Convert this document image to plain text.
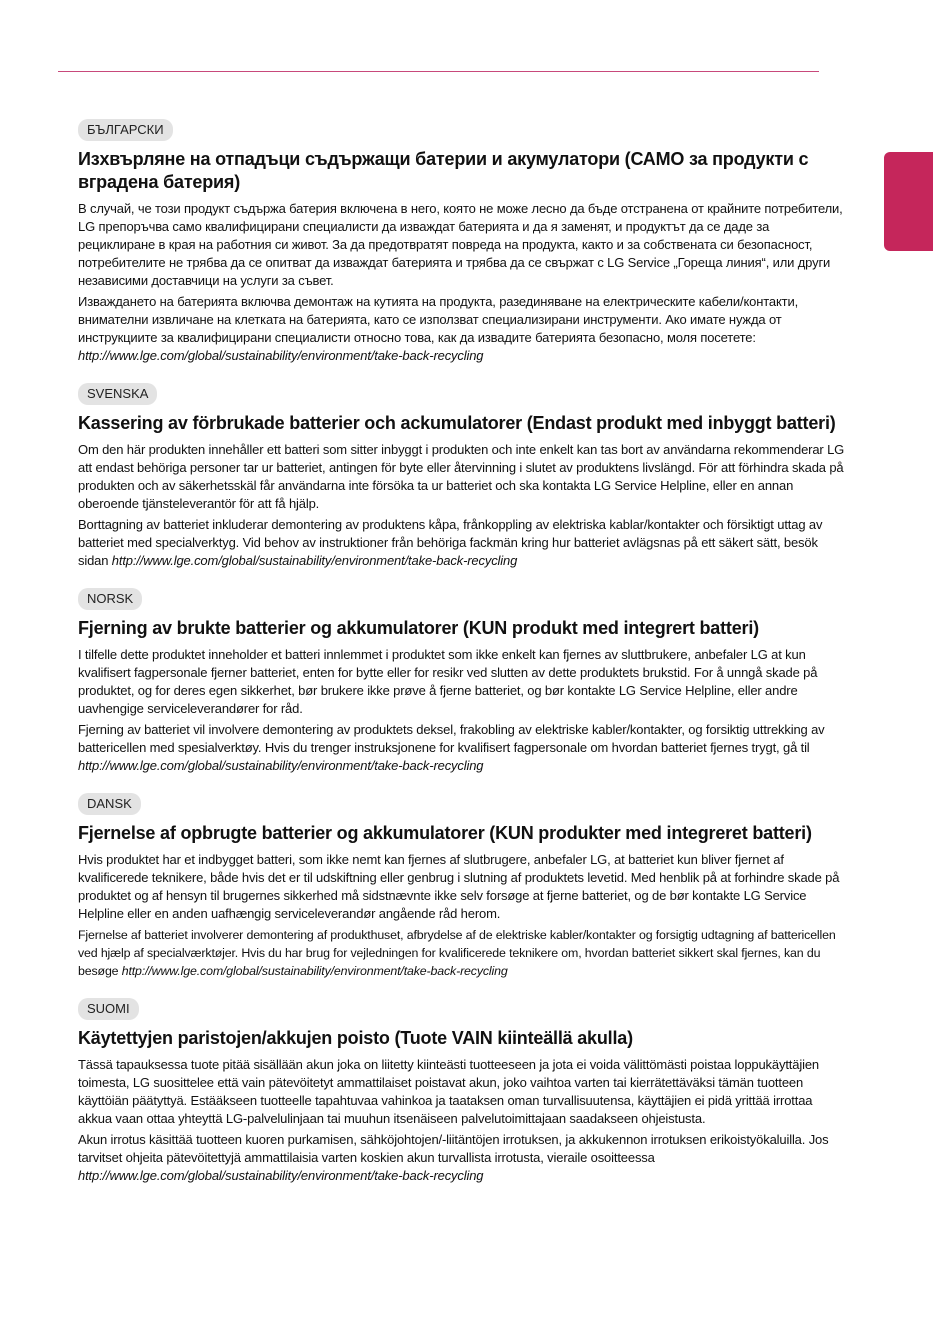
БЪЛГАРСКИ
Изхвърляне на отпадъци съдържащи батерии и акумулатори (САМО за продукти с вградена батерия)

В случай, че този продукт съдържа батерия включена в него, която не може лесно да бъде отстранена от крайните потребители, LG препоръчва само квалифицирани специалисти да изваждат батерията и да я заменят, и продуктът да се даде за рециклиране в края на работния си живот. За да предотвратят повреда на продукта, както и за собствената си безопасност, потребителите не трябва да се опитват да изваждат батерията и трябва да се свържат с LG Service „Гореща линия“, или други независими доставчици на услуги за съвет.

Изваждането на батерията включва демонтаж на кутията на продукта, разединяване на електрическите кабели/контакти, внимателни извличане на клетката на батерията, като се използват специализирани инструменти. Ако имате нужда от инструкциите за квалифицирани специалисти относно това, как да извадите батерията безопасно, моля посетете: http://www.lge.com/global/sustainability/environment/take-back-recycling

SVENSKA
Kassering av förbrukade batterier och ackumulatorer (Endast produkt med inbyggt batteri)

Om den här produkten innehåller ett batteri som sitter inbyggt i produkten och inte enkelt kan tas bort av användarna rekommenderar LG att endast behöriga personer tar ur batteriet, antingen för byte eller återvinning i slutet av produktens livslängd. För att förhindra skada på produkten och av säkerhetsskäl får användarna inte försöka ta ur batteriet och ska kontakta LG Service Helpline, eller en annan oberoende tjänsteleverantör för att få hjälp.

Borttagning av batteriet inkluderar demontering av produktens kåpa, frånkoppling av elektriska kablar/kontakter och försiktigt uttag av batteriet med specialverktyg. Vid behov av instruktioner från behöriga fackmän kring hur batteriet avlägsnas på ett säkert sätt, besök sidan http://www.lge.com/global/sustainability/environment/take-back-recycling

NORSK
Fjerning av brukte batterier og akkumulatorer (KUN produkt med integrert batteri)

I tilfelle dette produktet inneholder et batteri innlemmet i produktet som ikke enkelt kan fjernes av sluttbrukere, anbefaler LG at kun kvalifisert fagpersonale fjerner batteriet, enten for bytte eller for resikr ved slutten av dette produktets brukstid. For å unngå skade på produktet, og for deres egen sikkerhet, bør brukere ikke prøve å fjerne batteriet, og bør kontakte LG Service Helpline, eller andre uavhengige serviceleverandører for råd.

Fjerning av batteriet vil involvere demontering av produktets deksel, frakobling av elektriske kabler/kontakter, og forsiktig uttrekking av battericellen med spesialverktøy. Hvis du trenger instruksjonene for kvalifisert fagpersonale om hvordan batteriet fjernes trygt, gå til http://www.lge.com/global/sustainability/environment/take-back-recycling

DANSK
Fjernelse af opbrugte batterier og akkumulatorer (KUN produkter med integreret batteri)

Hvis produktet har et indbygget batteri, som ikke nemt kan fjernes af slutbrugere, anbefaler LG, at batteriet kun bliver fjernet af kvalificerede teknikere, både hvis det er til udskiftning eller genbrug i slutning af produktets levetid. Med henblik på at forhindre skade på produktet og af hensyn til brugernes sikkerhed må sidstnævnte ikke selv forsøge at fjerne batteriet, og de bør kontakte LG Service Helpline eller en anden uafhængig serviceleverandør angående råd herom.

Fjernelse af batteriet involverer demontering af produkthuset, afbrydelse af de elektriske kabler/kontakter og forsigtig udtagning af battericellen ved hjælp af specialværktøjer. Hvis du har brug for vejledningen for kvalificerede teknikere om, hvordan batteriet sikkert skal fjernes, kan du besøge http://www.lge.com/global/sustainability/environment/take-back-recycling

SUOMI
Käytettyjen paristojen/akkujen poisto (Tuote VAIN kiinteällä akulla)

Tässä tapauksessa tuote pitää sisällään akun joka on liitetty kiinteästi tuotteeseen ja jota ei voida välittömästi poistaa loppukäyttäjien toimesta, LG suosittelee että vain pätevöitetyt ammattilaiset poistavat akun, joko vaihtoa varten tai kierrätettäväksi tämän tuotteen käyttöiän päätyttyä. Estääkseen tuotteelle tapahtuvaa vahinkoa ja taataksen oman turvallisuutensa, käyttäjien ei pidä yrittää irrottaa akkua vaan ottaa yhteyttä LG-palvelulinjaan tai muuhun itsenäiseen palvelutoimittajaan saadakseen ohjeistusta.

Akun irrotus käsittää tuotteen kuoren purkamisen, sähköjohtojen/-liitäntöjen irrotuksen, ja akkukennon irrotuksen erikoistyökaluilla. Jos tarvitset ohjeita pätevöitettyjä ammattilaisia varten koskien akun turvallista irrotusta, vieraile osoitteessa http://www.lge.com/global/sustainability/environment/take-back-recycling
